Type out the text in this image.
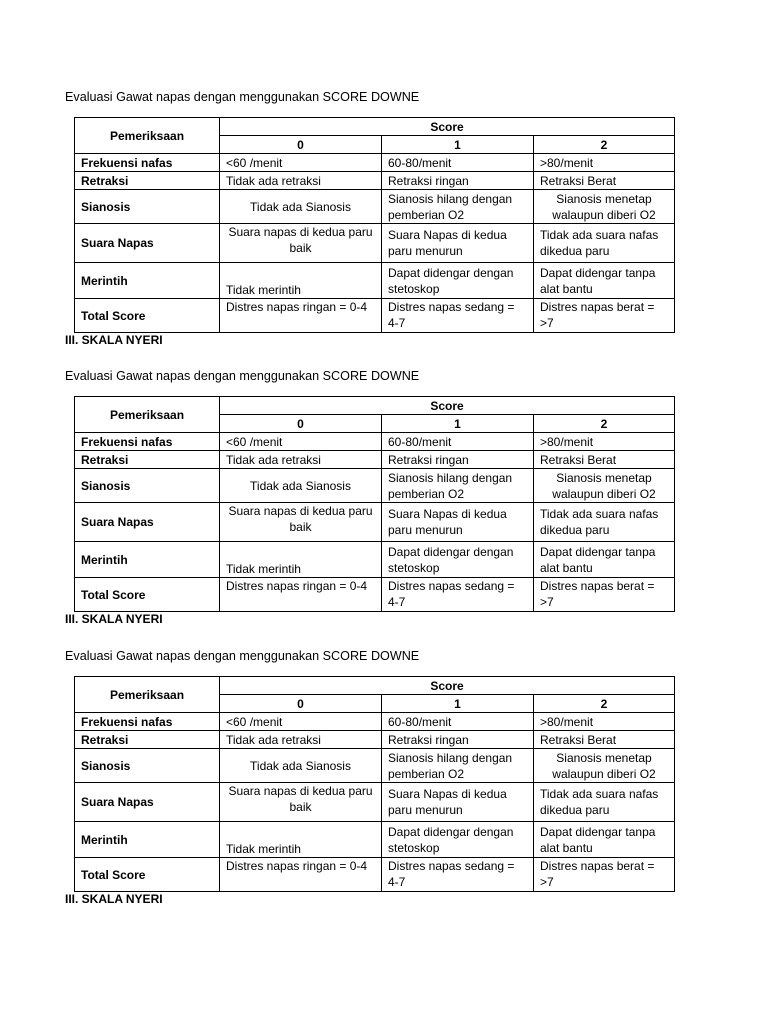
Evaluasi Gawat napas dengan menggunakan SCORE DOWNE
Pemeriksaan	Score		
	0	1	2
Frekuensi nafas	<60 /menit	60-80/menit	>80/menit
Retraksi	Tidak ada retraksi	Retraksi ringan	Retraksi Berat
Sianosis	Tidak ada Sianosis	Sianosis hilang dengan pemberian O2	Sianosis menetap walaupun diberi O2
Suara Napas	Suara napas di kedua paru baik	Suara Napas di kedua paru menurun	Tidak ada suara nafas dikedua paru
Merintih	Tidak merintih	Dapat didengar dengan stetoskop	Dapat didengar tanpa alat bantu
Total Score	Distres napas ringan = 0-4	Distres napas sedang = 4-7	Distres napas berat = >7
III. SKALA NYERI
Evaluasi Gawat napas dengan menggunakan SCORE DOWNE
Pemeriksaan	Score		
	0	1	2
Frekuensi nafas	<60 /menit	60-80/menit	>80/menit
Retraksi	Tidak ada retraksi	Retraksi ringan	Retraksi Berat
Sianosis	Tidak ada Sianosis	Sianosis hilang dengan pemberian O2	Sianosis menetap walaupun diberi O2
Suara Napas	Suara napas di kedua paru baik	Suara Napas di kedua paru menurun	Tidak ada suara nafas dikedua paru
Merintih	Tidak merintih	Dapat didengar dengan stetoskop	Dapat didengar tanpa alat bantu
Total Score	Distres napas ringan = 0-4	Distres napas sedang = 4-7	Distres napas berat = >7
III. SKALA NYERI
Evaluasi Gawat napas dengan menggunakan SCORE DOWNE
Pemeriksaan	Score		
	0	1	2
Frekuensi nafas	<60 /menit	60-80/menit	>80/menit
Retraksi	Tidak ada retraksi	Retraksi ringan	Retraksi Berat
Sianosis	Tidak ada Sianosis	Sianosis hilang dengan pemberian O2	Sianosis menetap walaupun diberi O2
Suara Napas	Suara napas di kedua paru baik	Suara Napas di kedua paru menurun	Tidak ada suara nafas dikedua paru
Merintih	Tidak merintih	Dapat didengar dengan stetoskop	Dapat didengar tanpa alat bantu
Total Score	Distres napas ringan = 0-4	Distres napas sedang = 4-7	Distres napas berat = >7
III. SKALA NYERI
